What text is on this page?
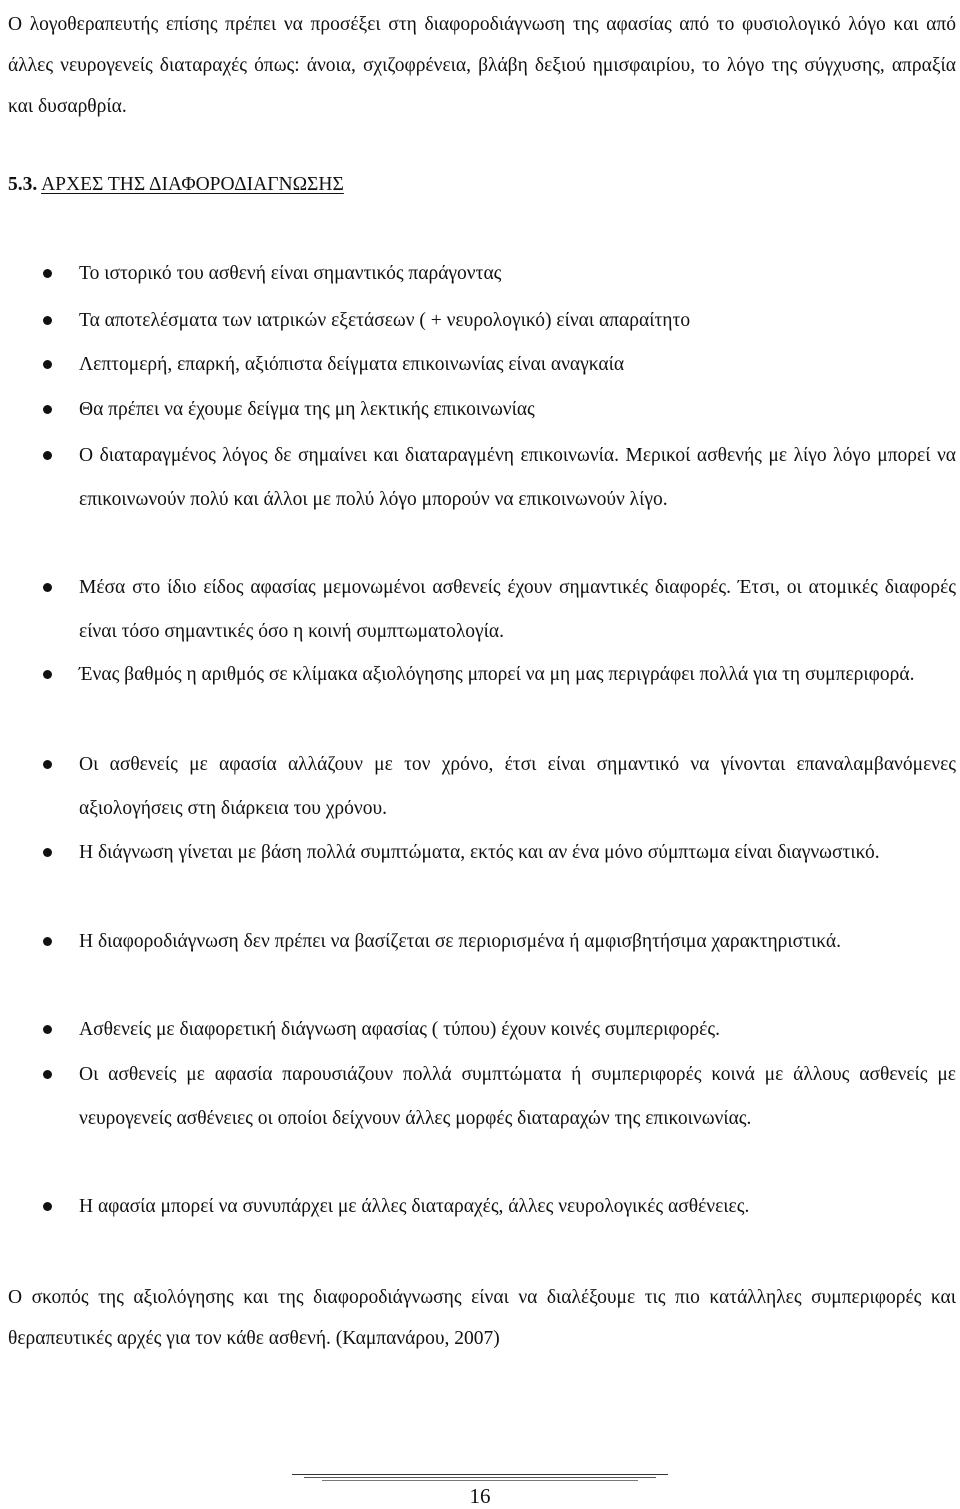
Ο λογοθεραπευτής επίσης πρέπει να προσέξει στη διαφοροδιάγνωση της αφασίας από το φυσιολογικό λόγο και από άλλες νευρογενείς διαταραχές όπως: άνοια, σχιζοφρένεια, βλάβη δεξιού ημισφαιρίου, το λόγο της σύγχυσης, απραξία και δυσαρθρία.

5.3. ΑΡΧΕΣ ΤΗΣ ΔΙΑΦΟΡΟΔΙΑΓΝΩΣΗΣ
Το ιστορικό του ασθενή είναι σημαντικός παράγοντας
Τα αποτελέσματα των ιατρικών εξετάσεων ( + νευρολογικό) είναι απαραίτητο
Λεπτομερή, επαρκή, αξιόπιστα δείγματα επικοινωνίας είναι αναγκαία
Θα πρέπει να έχουμε δείγμα της μη λεκτικής επικοινωνίας
Ο διαταραγμένος λόγος δε σημαίνει και διαταραγμένη επικοινωνία. Μερικοί ασθενής με λίγο λόγο μπορεί να επικοινωνούν πολύ και άλλοι με πολύ λόγο μπορούν να επικοινωνούν λίγο.
Μέσα στο ίδιο είδος αφασίας μεμονωμένοι ασθενείς έχουν σημαντικές διαφορές. Έτσι, οι ατομικές διαφορές είναι τόσο σημαντικές όσο η κοινή συμπτωματολογία.
Ένας βαθμός η αριθμός σε κλίμακα αξιολόγησης μπορεί να μη μας περιγράφει πολλά για τη συμπεριφορά.
Οι ασθενείς με αφασία αλλάζουν με τον χρόνο, έτσι είναι σημαντικό να γίνονται επαναλαμβανόμενες αξιολογήσεις στη διάρκεια του χρόνου.
Η διάγνωση γίνεται με βάση πολλά συμπτώματα, εκτός και αν ένα μόνο σύμπτωμα είναι διαγνωστικό.
Η διαφοροδιάγνωση δεν πρέπει να βασίζεται σε περιορισμένα ή αμφισβητήσιμα χαρακτηριστικά.
Ασθενείς με διαφορετική διάγνωση αφασίας ( τύπου) έχουν κοινές συμπεριφορές.
Οι ασθενείς με αφασία παρουσιάζουν πολλά συμπτώματα ή συμπεριφορές κοινά με άλλους ασθενείς με νευρογενείς ασθένειες οι οποίοι δείχνουν άλλες μορφές διαταραχών της επικοινωνίας.
Η αφασία μπορεί να συνυπάρχει με άλλες διαταραχές, άλλες νευρολογικές ασθένειες.

Ο σκοπός της αξιολόγησης και της διαφοροδιάγνωσης είναι να διαλέξουμε τις πιο κατάλληλες συμπεριφορές και θεραπευτικές αρχές για τον κάθε ασθενή. (Καμπανάρου, 2007)

16
